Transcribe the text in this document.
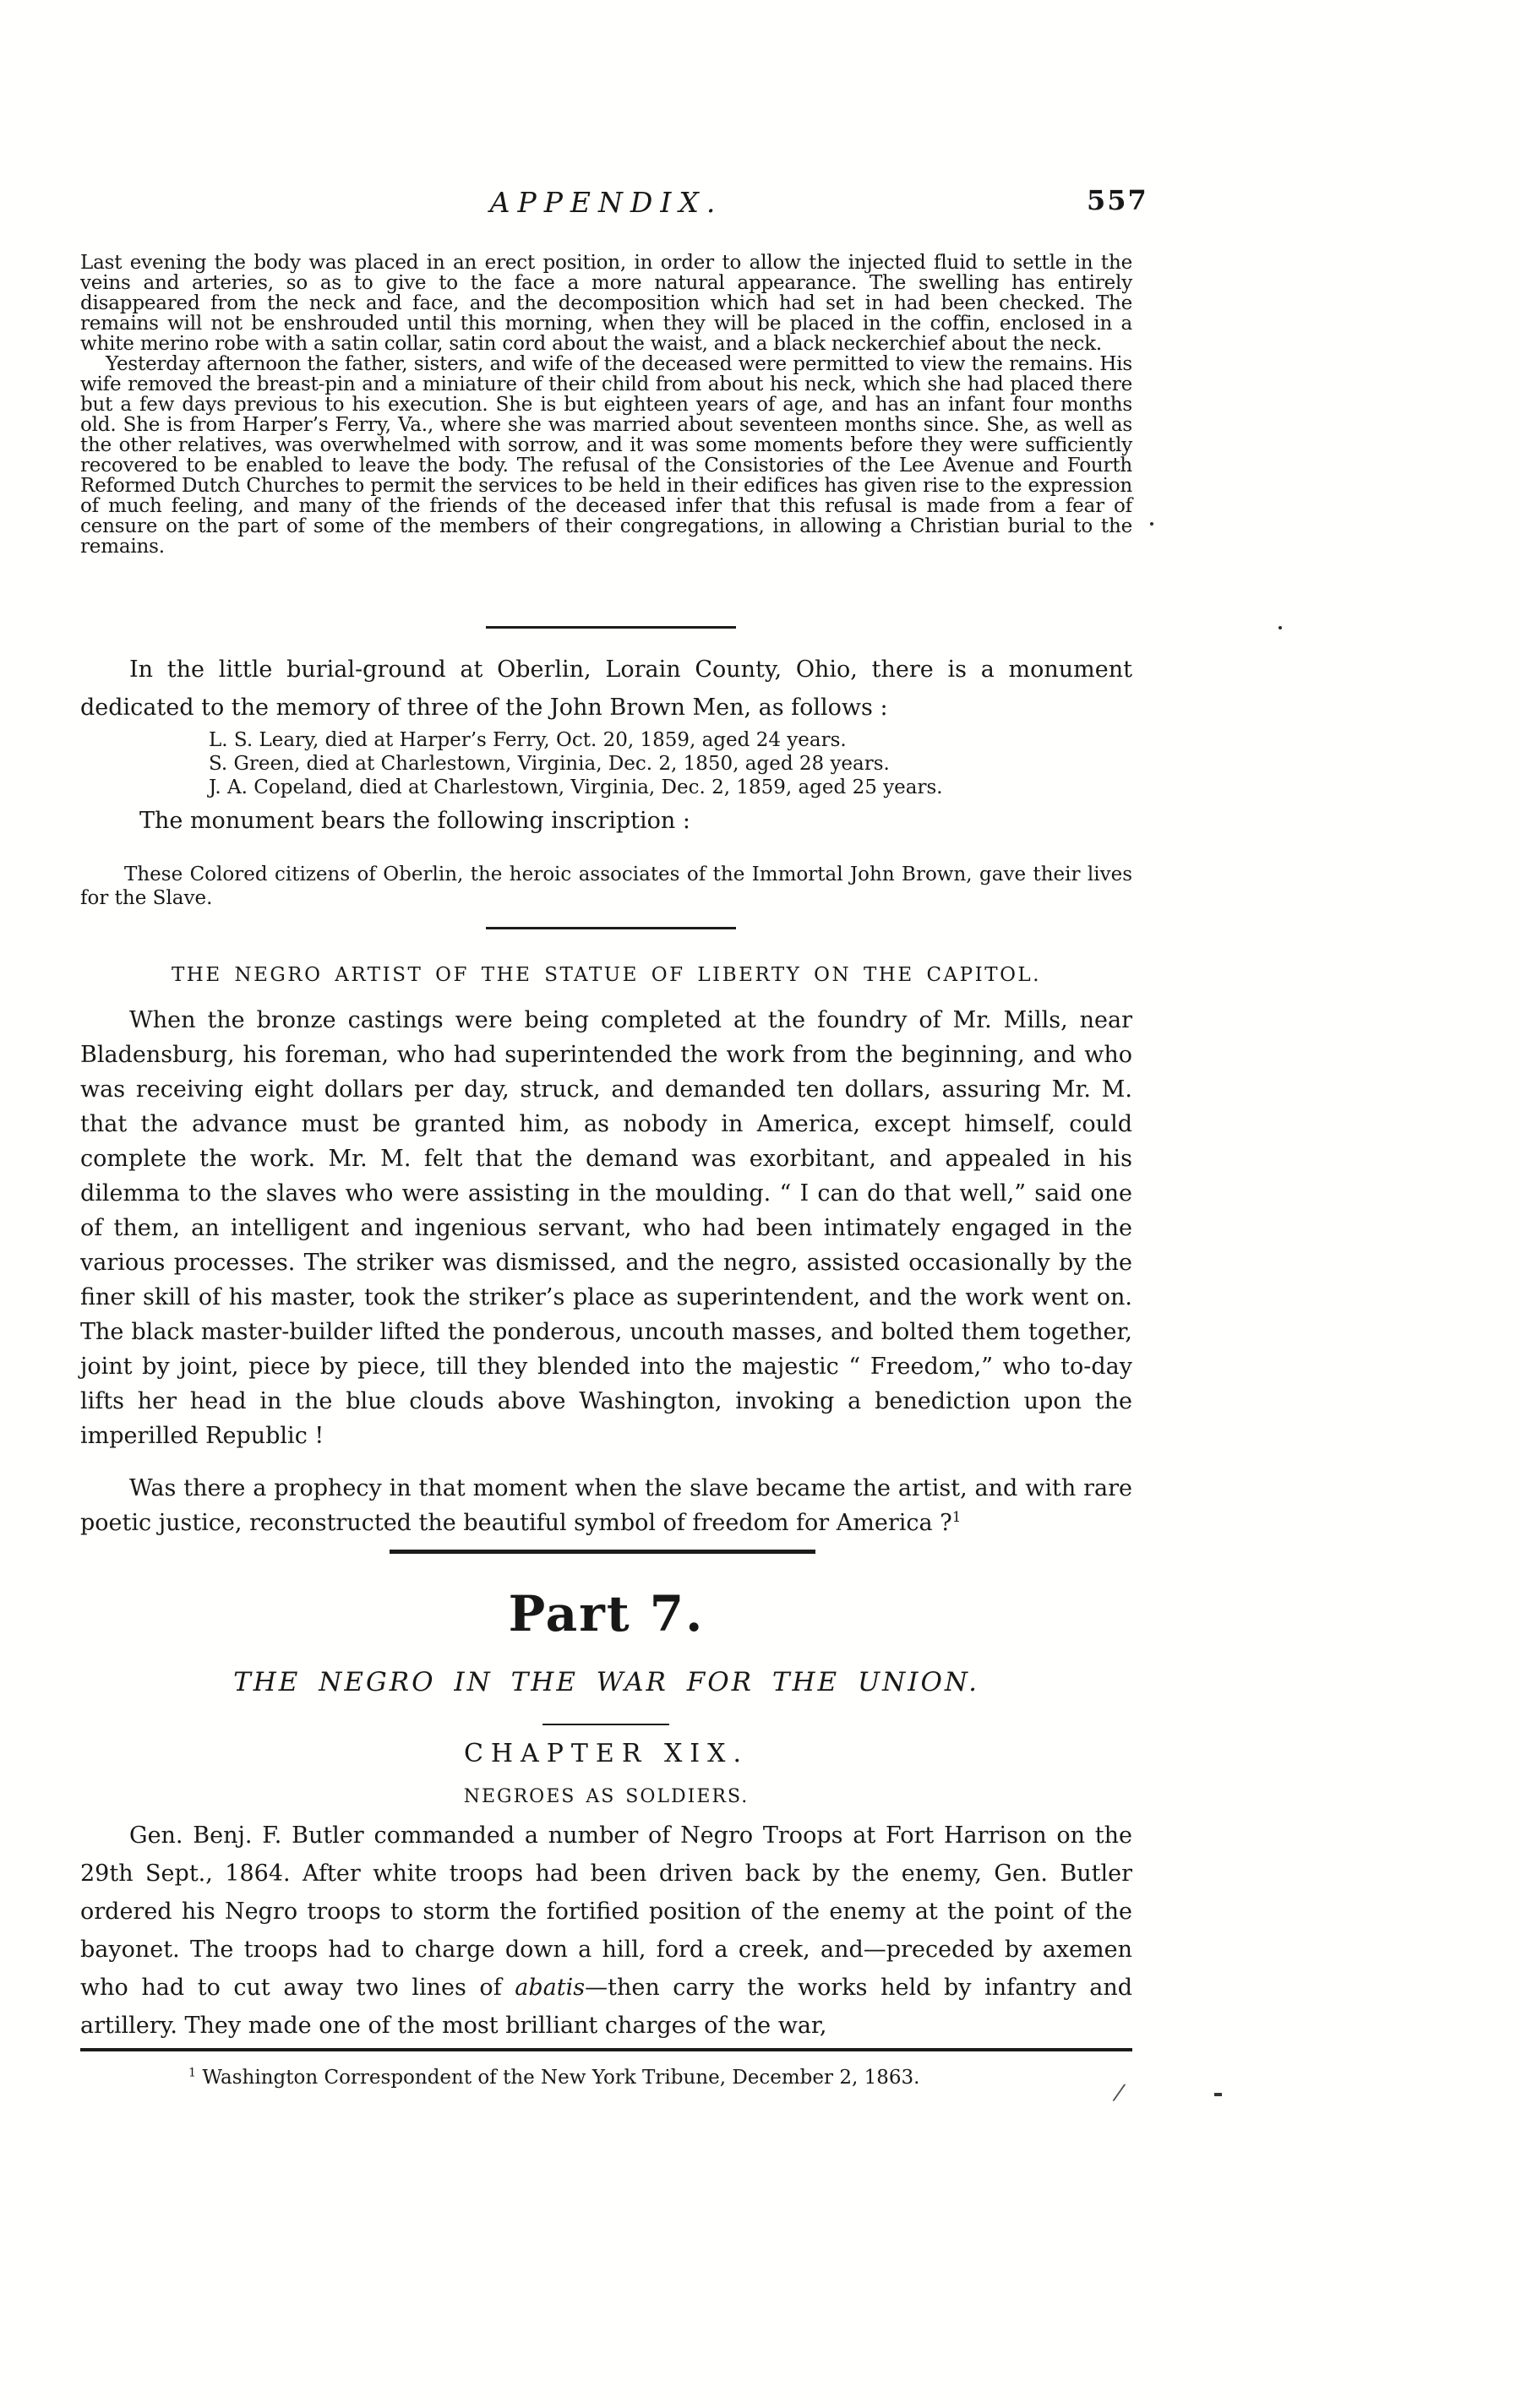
APPENDIX.

Last evening the body was placed in an erect position, in order to allow the injected fluid to settle in the veins and arteries, so as to give to the face a more natural appearance. The swelling has entirely disappeared from the neck and face, and the decomposition which had set in had been checked. The remains will not be enshrouded until this morning, when they will be placed in the coffin, enclosed in a white merino robe with a satin collar, satin cord about the waist, and a black neckerchief about the neck.

Yesterday afternoon the father, sisters, and wife of the deceased were permitted to view the remains. His wife removed the breast-pin and a miniature of their child from about his neck, which she had placed there but a few days previous to his execution. She is but eighteen years of age, and has an infant four months old. She is from Harper’s Ferry, Va., where she was married about seventeen months since. She, as well as the other relatives, was overwhelmed with sorrow, and it was some moments before they were sufficiently recovered to be enabled to leave the body. The refusal of the Consistories of the Lee Avenue and Fourth Reformed Dutch Churches to permit the services to be held in their edifices has given rise to the expression of much feeling, and many of the friends of the deceased infer that this refusal is made from a fear of censure on the part of some of the members of their congregations, in allowing a Christian burial to the remains.

In the little burial-ground at Oberlin, Lorain County, Ohio, there is a monument dedicated to the memory of three of the John Brown Men, as follows :
L. S. Leary, died at Harper’s Ferry, Oct. 20, 1859, aged 24 years.
S. Green, died at Charlestown, Virginia, Dec. 2, 1850, aged 28 years.
J. A. Copeland, died at Charlestown, Virginia, Dec. 2, 1859, aged 25 years.
The monument bears the following inscription :
These Colored citizens of Oberlin, the heroic associates of the Immortal John Brown, gave their lives for the Slave.
THE NEGRO ARTIST OF THE STATUE OF LIBERTY ON THE CAPITOL.
When the bronze castings were being completed at the foundry of Mr. Mills, near Bladensburg, his foreman, who had superintended the work from the beginning, and who was receiving eight dollars per day, struck, and demanded ten dollars, assuring Mr. M. that the advance must be granted him, as nobody in America, except himself, could complete the work. Mr. M. felt that the demand was exorbitant, and appealed in his dilemma to the slaves who were assisting in the moulding. “ I can do that well,” said one of them, an intelligent and ingenious servant, who had been intimately engaged in the various processes. The striker was dismissed, and the negro, assisted occasionally by the finer skill of his master, took the striker’s place as superintendent, and the work went on. The black master-builder lifted the ponderous, uncouth masses, and bolted them together, joint by joint, piece by piece, till they blended into the majestic “ Freedom,” who to-day lifts her head in the blue clouds above Washington, invoking a benediction upon the imperilled Republic !
Was there a prophecy in that moment when the slave became the artist, and with rare poetic justice, reconstructed the beautiful symbol of freedom for America ?$^1$
Part 7.
THE NEGRO IN THE WAR FOR THE UNION.
CHAPTER XIX.
NEGROES AS SOLDIERS.
Gen. Benj. F. Butler commanded a number of Negro Troops at Fort Harrison on the 29th Sept., 1864. After white troops had been driven back by the enemy, Gen. Butler ordered his Negro troops to storm the fortified position of the enemy at the point of the bayonet. The troops had to charge down a hill, ford a creek, and—preceded by axemen who had to cut away two lines of abatis—then carry the works held by infantry and artillery. They made one of the most brilliant charges of the war,
$^1$ Washington Correspondent of the New York Tribune, December 2, 1863.
557
/
